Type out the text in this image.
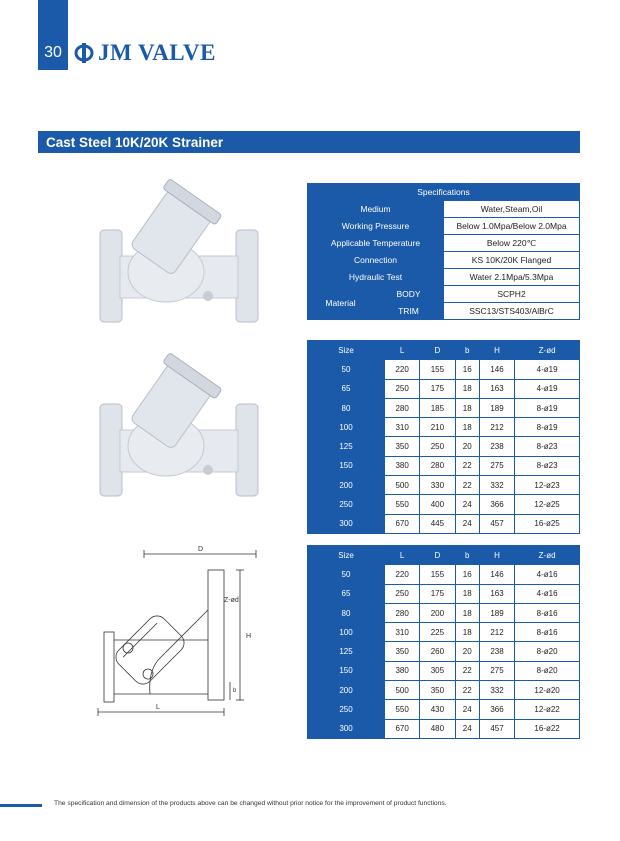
30 JM VALVE
Cast Steel 10K/20K Strainer
D
Z-ød
H
b
L
Specifications		
Medium		Water,Steam,Oil
Working Pressure		Below 1.0Mpa/Below 2.0Mpa
Applicable Temperature		Below 220℃
Connection		KS 10K/20K Flanged
Hydraulic Test		Water 2.1Mpa/5.3Mpa
Material	BODY	SCPH2
	TRIM	SSC13/STS403/AlBrC
Size	L	D	b	H	Z-ød
50	220	155	16	146	4-ø19
65	250	175	18	163	4-ø19
80	280	185	18	189	8-ø19
100	310	210	18	212	8-ø19
125	350	250	20	238	8-ø23
150	380	280	22	275	8-ø23
200	500	330	22	332	12-ø23
250	550	400	24	366	12-ø25
300	670	445	24	457	16-ø25
Size	L	D	b	H	Z-ød
50	220	155	16	146	4-ø16
65	250	175	18	163	4-ø16
80	280	200	18	189	8-ø16
100	310	225	18	212	8-ø16
125	350	260	20	238	8-ø20
150	380	305	22	275	8-ø20
200	500	350	22	332	12-ø20
250	550	430	24	366	12-ø22
300	670	480	24	457	16-ø22
The specification and dimension of the products above can be changed without prior notice for the improvement of product functions.
